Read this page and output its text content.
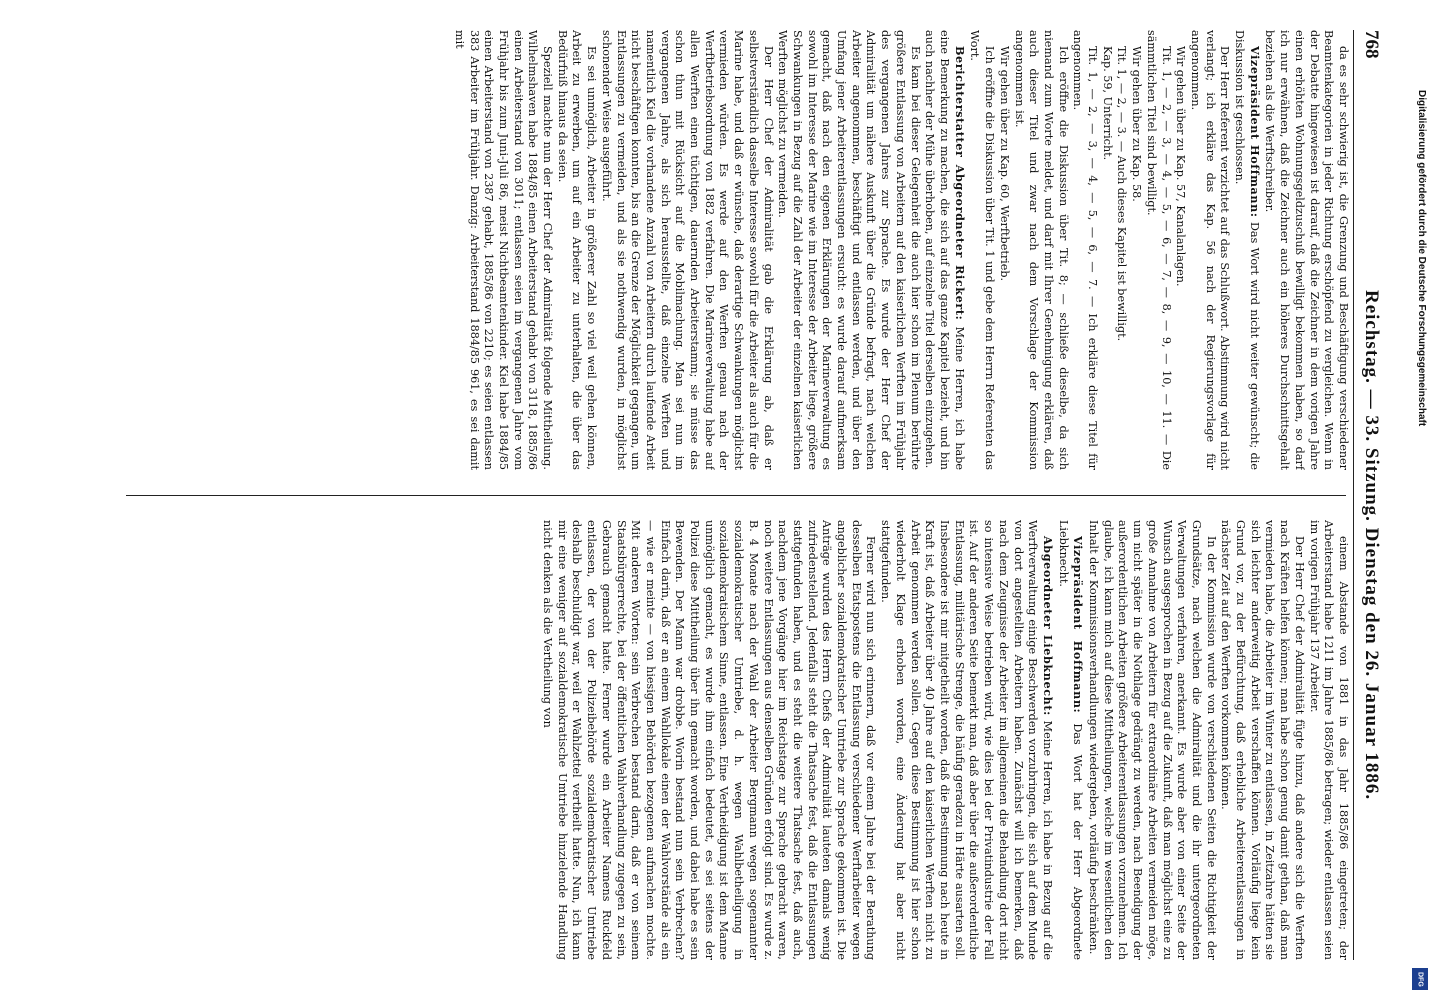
768
Reichstag. — 33. Sitzung. Dienstag den 26. Januar 1886.

da es sehr schwierig ist, die Grenzung und Beschäftigung verschiedener Beamtenkategorien in jeder Richtung erschöpfend zu vergleichen. Wenn in der Debatte hingewiesen ist darauf, daß die Zeichner in dem vorigen Jahre einen erhöhten Wohnungsgeldzuschuß bewilligt bekommen haben, so darf ich nur erwähnen, daß die Zeichner auch ein höheres Durchschnittsgehalt beziehen als die Werftschreiber.

Vizepräsident Hoffmann: Das Wort wird nicht weiter gewünscht; die Diskussion ist geschlossen.

Der Herr Referent verzichtet auf das Schlußwort. Abstimmung wird nicht verlangt; ich erkläre das Kap. 56 nach der Regierungsvorlage für angenommen.

Wir gehen über zu Kap. 57, Kanalanlagen.

Tit. 1, — 2, — 3, — 4, — 5, — 6, — 7, — 8, — 9, — 10, — 11. — Die sämmtlichen Titel sind bewilligt.

Wir gehen über zu Kap. 58.

Tit. 1, — 2, — 3. — Auch dieses Kapitel ist bewilligt.

Kap. 59, Unterricht.

Tit. 1, — 2, — 3, — 4, — 5, — 6, — 7. — Ich erkläre diese Titel für angenommen.

Ich eröffne die Diskussion über Tit. 8; — schließe dieselbe, da sich niemand zum Worte meldet, und darf mit Ihrer Genehmigung erklären, daß auch dieser Titel und zwar nach dem Vorschlage der Kommission angenommen ist.

Wir gehen über zu Kap. 60, Werftbetrieb.

Ich eröffne die Diskussion über Tit. 1 und gebe dem Herrn Referenten das Wort.

Berichterstatter Abgeordneter Rickert: Meine Herren, ich habe eine Bemerkung zu machen, die sich auf das ganze Kapitel bezieht, und bin auch nachher der Mühe überhoben, auf einzelne Titel derselben einzugehen.

Es kam bei dieser Gelegenheit die auch hier schon im Plenum berührte größere Entlassung von Arbeitern auf den kaiserlichen Werften im Frühjahr des vergangenen Jahres zur Sprache. Es wurde der Herr Chef der Admiralität um nähere Auskunft über die Gründe befragt, nach welchen Arbeiter angenommen, beschäftigt und entlassen werden, und über den Umfang jener Arbeiterentlassungen ersucht: es wurde darauf aufmerksam gemacht, daß nach den eigenen Erklärungen der Marineverwaltung es sowohl im Interesse der Marine wie im Interesse der Arbeiter liege, größere Schwankungen in Bezug auf die Zahl der Arbeiter der einzelnen kaiserlichen Werften möglichst zu vermeiden.

Der Herr Chef der Admiralität gab die Erklärung ab, daß er selbstverständlich dasselbe Interesse sowohl für die Arbeiter als auch für die Marine habe, und daß er wünsche, daß derartige Schwankungen möglichst vermieden würden. Es werde auf den Werften genau nach der Werftbetriebsordnung von 1882 verfahren. Die Marineverwaltung habe auf allen Werften einen tüchtigen, dauernden Arbeiterstamm; sie müsse das schon thun mit Rücksicht auf die Mobilmachung. Man sei nun im vergangenen Jahre, als sich herausstellte, daß einzelne Werften und namentlich Kiel die vorhandene Anzahl von Arbeitern durch laufende Arbeit nicht beschäftigen konnten, bis an die Grenze der Möglichkeit gegangen, um Entlassungen zu vermeiden, und als sie nothwendig wurden, in möglichst schonender Weise ausgeführt.

Es sei unmöglich, Arbeiter in größerer Zahl so viel weil gehen können, Arbeit zu erwerben, um auf ein Arbeiter zu unterhalten, die über das Bedürfniß hinaus da seien.

Speziell machte nun der Herr Chef der Admiralität folgende Mittheilung. Wilhelmshaven habe 1884/85 einen Arbeiterstand gehabt von 3118, 1885/86 einen Arbeiterstand von 3011; entlassen seien im vergangenen Jahre vom Frühjahr bis zum Juni-Juli 86, meist Nichtbeamtenkinder. Kiel habe 1884/85 einen Arbeiterstand von 2387 gehabt, 1885/86 von 2210; es seien entlassen 383 Arbeiter im Frühjahr. Danzig: Arbeiterstand 1884/85 961, es sei damit mit

einem Abstande von 1881 in das Jahr 1885/86 eingetreten; der Arbeiterstand habe 1211 im Jahre 1885/86 betragen; wieder entlassen seien im vorigen Frühjahr 137 Arbeiter.

Der Herr Chef der Admiralität fügte hinzu, daß andere sich die Werften nach Kräften helfen können; man habe schon genug damit gethan, daß man vermieden habe, die Arbeiter im Winter zu entlassen, in Zeitzahre hätten sie sich leichter anderweitig Arbeit verschaffen können. Vorläufig liege kein Grund vor, zu der Befürchtung, daß erhebliche Arbeiterentlassungen in nächster Zeit auf den Werften vorkommen können.

In der Kommission wurde von verschiedenen Seiten die Richtigkeit der Grundsätze, nach welchen die Admiralität und die ihr untergeordneten Verwaltungen verfahren, anerkannt. Es wurde aber von einer Seite der Wunsch ausgesprochen in Bezug auf die Zukunft, daß man möglichst eine zu große Annahme von Arbeitern für extraordinäre Arbeiten vermeiden möge, um nicht später in die Nothlage gedrängt zu werden, nach Beendigung der außerordentlichen Arbeiten größere Arbeiterentlassungen vorzunehmen. Ich glaube, ich kann mich auf diese Mittheilungen, welche im wesentlichen den Inhalt der Kommissionsverhandlungen wiedergeben, vorläufig beschränken.

Vizepräsident Hoffmann: Das Wort hat der Herr Abgeordnete Liebknecht.

Abgeordneter Liebknecht: Meine Herren, ich habe in Bezug auf die Werftverwaltung einige Beschwerden vorzubringen, die sich auf dem Munde von dort angestellten Arbeitern haben. Zunächst will ich bemerken, daß nach dem Zeugnisse der Arbeiter im allgemeinen die Behandlung dort nicht so intensive Weise betrieben wird, wie dies bei der Privatindustrie der Fall ist. Auf der anderen Seite bemerkt man, daß aber über die außerordentliche Entlassung, militärische Strenge, die häufig geradezu in Härte ausarten soll. Insbesondere ist mir mitgetheilt worden, daß die Bestimmung nach heute in Kraft ist, daß Arbeiter über 40 Jahre auf den kaiserlichen Werften nicht zu Arbeit genommen werden sollen. Gegen diese Bestimmung ist hier schon wiederholt Klage erhoben worden, eine Änderung hat aber nicht stattgefunden.

Ferner wird nun sich erinnern, daß vor einem Jahre bei der Berathung desselben Etatspostens die Entlassung verschiedener Werftarbeiter wegen angeblicher sozialdemokratischer Umtriebe zur Sprache gekommen ist. Die Anträge wurden des Herrn Chefs der Admiralität lauteten damals wenig zufriedenstellend. Jedenfalls steht die Thatsache fest, daß die Entlassungen stattgefunden haben, und es steht die weitere Thatsache fest, daß auch, nachdem jene Vorgänge hier im Reichstage zur Sprache gebracht waren, noch weitere Entlassungen aus denselben Gründen erfolgt sind. Es wurde z. B. 4 Monate nach der Wahl der Arbeiter Bergmann wegen sogenannter sozialdemokratischer Umtriebe, d. h. wegen Wahlbetheiligung in sozialdemokratischem Sinne, entlassen. Eine Vertheidigung ist dem Manne unmöglich gemacht, es wurde ihm einfach bedeutet, es sei seitens der Polizei diese Mittheilung über ihn gemacht worden, und dabei habe es sein Bewenden. Der Mann war drobbe. Worin bestand nun sein Verbrechen? Einfach darin, daß er an einem Wahllokale einen der Wahlvorstände als ein — wie er meinte — von hiesigen Behörden bezogenen aufmachen mochte. Mit anderen Worten: sein Verbrechen bestand darin, daß er von seinem Staatsbürgerrechte, bei der öffentlichen Wahlverhandlung zugegen zu sein, Gebrauch gemacht hatte. Ferner wurde ein Arbeiter Namens Ruckfeld entlassen, der von der Polizeibehörde sozialdemokratischer Umtriebe deshalb beschuldigt war, weil er Wahlzettel vertheilt hatte. Nun, ich kann mir eine weniger auf sozialdemokratische Umtriebe hinzielende Handlung nicht denken als die Vertheilung von

Digitalisierung gefördert durch die Deutsche Forschungsgemeinschaft
DFG
